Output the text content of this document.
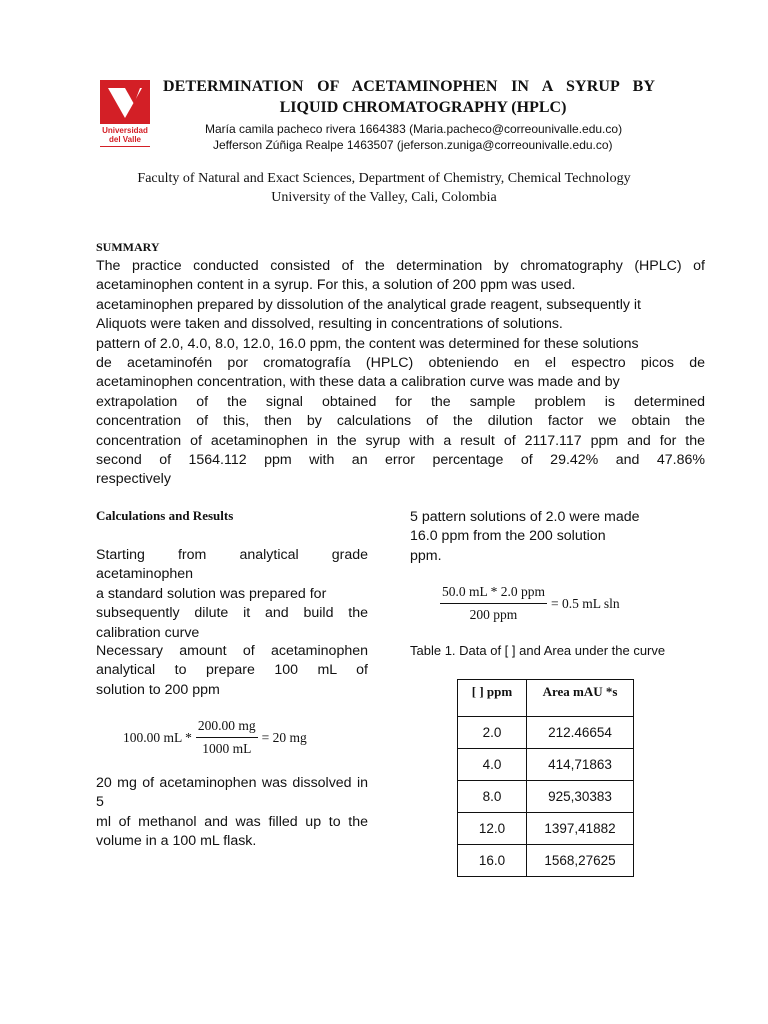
Universidad
del Valle
DETERMINATION OF ACETAMINOPHEN IN A SYRUP BY
LIQUID CHROMATOGRAPHY (HPLC)
María camila pacheco rivera 1664383 (Maria.pacheco@correounivalle.edu.co)
Jefferson Zúñiga Realpe 1463507 (jeferson.zuniga@correounivalle.edu.co)
Faculty of Natural and Exact Sciences, Department of Chemistry, Chemical Technology
University of the Valley, Cali, Colombia
SUMMARY
The practice conducted consisted of the determination by chromatography (HPLC) of
acetaminophen content in a syrup. For this, a solution of 200 ppm was used.
acetaminophen prepared by dissolution of the analytical grade reagent, subsequently it
Aliquots were taken and dissolved, resulting in concentrations of solutions.
pattern of 2.0, 4.0, 8.0, 12.0, 16.0 ppm, the content was determined for these solutions
de acetaminofén por cromatografía (HPLC) obteniendo en el espectro picos de
acetaminophen concentration, with these data a calibration curve was made and by
extrapolation of the signal obtained for the sample problem is determined
concentration of this, then by calculations of the dilution factor we obtain the
concentration of acetaminophen in the syrup with a result of 2117.117 ppm and for the
second of 1564.112 ppm with an error percentage of 29.42% and 47.86%
respectively
Calculations and Results
Starting from analytical grade acetaminophen
a standard solution was prepared for
subsequently dilute it and build the
calibration curve
Necessary amount of acetaminophen
analytical to prepare 100 mL of
solution to 200 ppm
100.00 mL * $\frac{200.00 mg}{1000 mL} = 20$ mg
20 mg of acetaminophen was dissolved in 5
ml of methanol and was filled up to the
volume in a 100 mL flask.
5 pattern solutions of 2.0 were made
16.0 ppm from the 200 solution
ppm.
$\frac{\text{50.0 mL * 2.0 ppm}}{\text{200 ppm}} = 0.5$ mL sln
Table 1. Data of [ ] and Area under the curve
[ ] ppm	Area mAU *s
2.0	212.46654
4.0	414,71863
8.0	925,30383
12.0	1397,41882
16.0	1568,27625
